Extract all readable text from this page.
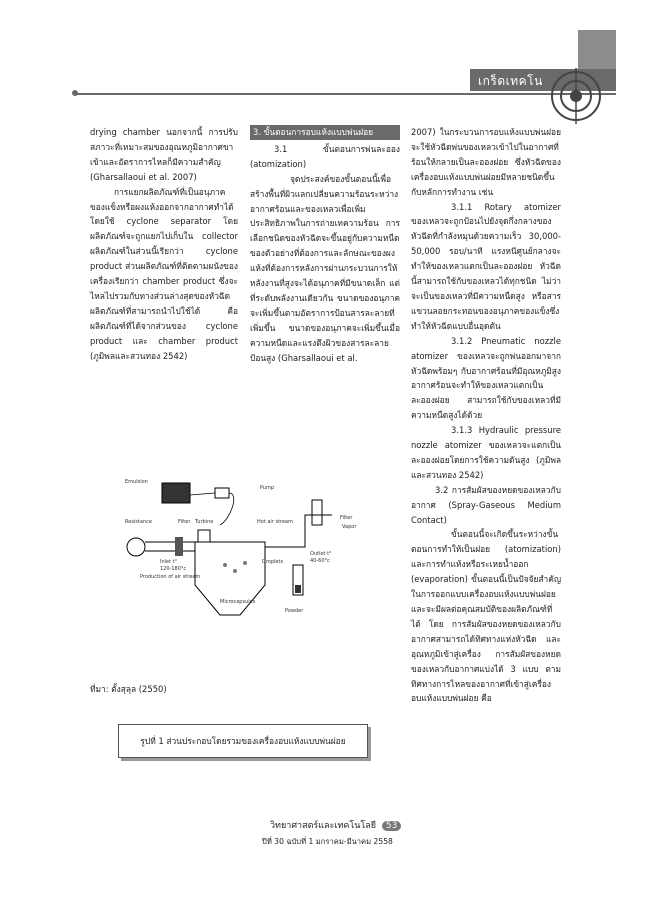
เกร็ดเทคโน

drying chamber นอกจากนี้ การปรับสภาวะที่เหมาะสมของอุณหภูมิอากาศขาเข้าและอัตราการไหลก็มีความสำคัญ (Gharsallaoui et al. 2007)

การแยกผลิตภัณฑ์ที่เป็นอนุภาคของแข็งหรือผงแห้งออกจากอากาศทำได้โดยใช้ cyclone separator โดยผลิตภัณฑ์จะถูกแยกไปเก็บใน collector ผลิตภัณฑ์ในส่วนนี้เรียกว่า cyclone product ส่วนผลิตภัณฑ์ที่ติดตามผนังของเครื่องเรียกว่า chamber product ซึ่งจะไหลไปรวมกับทางส่วนล่างสุดของหัวฉีด ผลิตภัณฑ์ที่สามารถนำไปใช้ได้ คือ ผลิตภัณฑ์ที่ได้จากส่วนของ cyclone product และ chamber product (ภูมิพลและสวนทอง 2542)

3. ขั้นตอนการอบแห้งแบบพ่นฝอย

3.1 ขั้นตอนการพ่นละออง (atomization)

จุดประสงค์ของขั้นตอนนี้เพื่อสร้างพื้นที่ผิวแลกเปลี่ยนความร้อนระหว่างอากาศร้อนและของเหลวเพื่อเพิ่มประสิทธิภาพในการถ่ายเทความร้อน การเลือกชนิดของหัวฉีดจะขึ้นอยู่กับความหนืดของตัวอย่างที่ต้องการและลักษณะของผงแห้งที่ต้องการหลังการผ่านกระบวนการให้หลังงานที่สูงจะได้อนุภาคที่มีขนาดเล็ก แต่ที่ระดับพลังงานเดียวกัน ขนาดของอนุภาคจะเพิ่มขึ้นตามอัตราการป้อนสารละลายที่เพิ่มขึ้น ขนาดของอนุภาคจะเพิ่มขึ้นเมื่อความหนืดและแรงตึงผิวของสารละลายป้อนสูง (Gharsallaoui et al.

2007) ในกระบวนการอบแห้งแบบพ่นฝอยจะใช้หัวฉีดพ่นของเหลวเข้าไปในอากาศที่ร้อนให้กลายเป็นละอองฝอย ซึ่งหัวฉีดของเครื่องอบแห้งแบบพ่นฝอยมีหลายชนิดขึ้นกับหลักการทำงาน เช่น

3.1.1 Rotary atomizer ของเหลวจะถูกป้อนไปยังจุดกึ่งกลางของหัวฉีดที่กำลังหมุนด้วยความเร็ว 30,000-50,000 รอบ/นาที แรงหนีศูนย์กลางจะทำให้ของเหลวแตกเป็นละอองฝอย หัวฉีดนี้สามารถใช้กับของเหลวได้ทุกชนิด ไม่ว่าจะเป็นของเหลวที่มีความหนืดสูง หรือสารแขวนลอยกระทอนของอนุภาคของแข็งซึ่งทำให้หัวฉีดแบบอื่นอุดตัน

3.1.2 Pneumatic nozzle atomizer ของเหลวจะถูกพ่นออกมาจากหัวฉีดพร้อมๆ กับอากาศร้อนที่มีอุณหภูมิสูง อากาศร้อนจะทำให้ของเหลวแตกเป็นละอองฝอย สามารถใช้กับของเหลวที่มีความหนืดสูงได้ด้วย

3.1.3 Hydraulic pressure nozzle atomizer ของเหลวจะแตกเป็นละอองฝอยโดยการใช้ความดันสูง (ภูมิพลและสวนทอง 2542)

3.2 การสัมผัสของหยดของเหลวกับอากาศ (Spray-Gaseous Medium Contact)

ขั้นตอนนี้จะเกิดขึ้นระหว่างขั้นตอนการทำให้เป็นฝอย (atomization) และการทำแห้งหรือระเหยน้ำออก (evaporation) ขั้นตอนนี้เป็นปัจจัยสำคัญในการออกแบบเครื่องอบแห้งแบบพ่นฝอยและจะมีผลต่อคุณสมบัติของผลิตภัณฑ์ที่ได้ โดย การสัมผัสของหยดของเหลวกับอากาศสามารถได้ทิศทางแห่งหัวฉีด และอุณหภูมิเข้าสู่เครื่อง การสัมผัสของหยดของเหลวกับอากาศแบ่งได้ 3 แบบ ตามทิศทางการไหลของอากาศที่เข้าสู่เครื่องอบแห้งแบบพ่นฝอย คือ

Emulsion
Pump
Resistance	Filter Turbine	Hot air stream
Inlet t°
120-180°c
Production of air stream
Droplets
Microcapsules
Filter
Vapor
Outlet t°
40-60°c
Powder
ที่มา: ตั้งสุลุล (2550)
รูปที่ 1 ส่วนประกอบโดยรวมของเครื่องอบแห้งแบบพ่นฝอย
วิทยาศาสตร์และเทคโนโลยี 53
ปีที่ 30 ฉบับที่ 1 มกราคม-มีนาคม 2558
